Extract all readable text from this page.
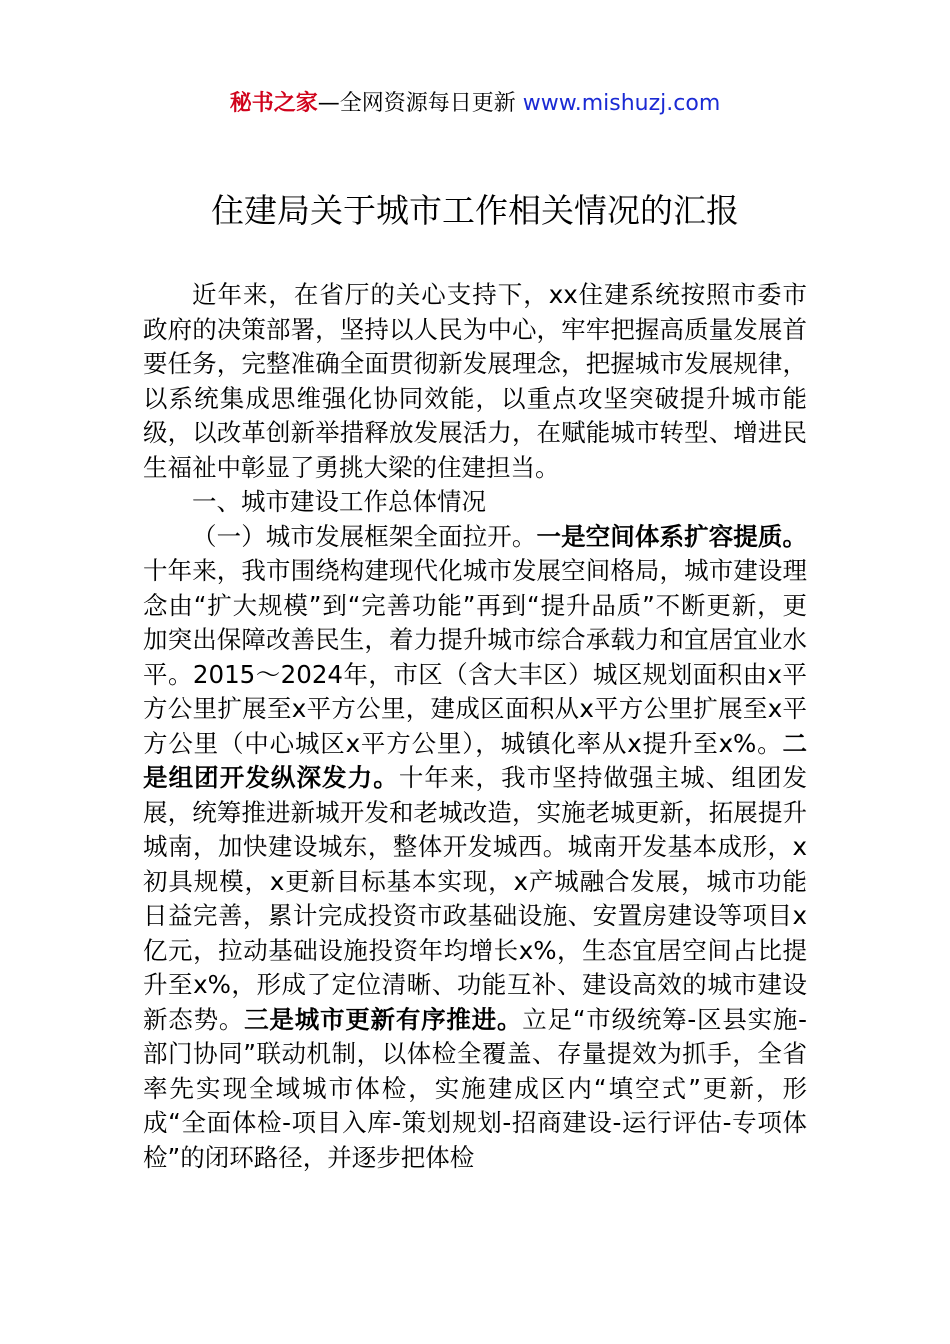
秘书之家—全网资源每日更新 www.mishuzj.com
住建局关于城市工作相关情况的汇报

近年来，在省厅的关心支持下，xx住建系统按照市委市政府的决策部署，坚持以人民为中心，牢牢把握高质量发展首要任务，完整准确全面贯彻新发展理念，把握城市发展规律，以系统集成思维强化协同效能，以重点攻坚突破提升城市能级，以改革创新举措释放发展活力，在赋能城市转型、增进民生福祉中彰显了勇挑大梁的住建担当。

一、城市建设工作总体情况

（一）城市发展框架全面拉开。一是空间体系扩容提质。十年来，我市围绕构建现代化城市发展空间格局，城市建设理念由“扩大规模”到“完善功能”再到“提升品质”不断更新，更加突出保障改善民生，着力提升城市综合承载力和宜居宜业水平。2015～2024年，市区（含大丰区）城区规划面积由x平方公里扩展至x平方公里，建成区面积从x平方公里扩展至x平方公里（中心城区x平方公里），城镇化率从x提升至x%。二是组团开发纵深发力。十年来，我市坚持做强主城、组团发展，统筹推进新城开发和老城改造，实施老城更新，拓展提升城南，加快建设城东，整体开发城西。城南开发基本成形，x初具规模，x更新目标基本实现，x产城融合发展，城市功能日益完善，累计完成投资市政基础设施、安置房建设等项目x亿元，拉动基础设施投资年均增长x%，生态宜居空间占比提升至x%，形成了定位清晰、功能互补、建设高效的城市建设新态势。三是城市更新有序推进。立足“市级统筹-区县实施-部门协同”联动机制，以体检全覆盖、存量提效为抓手，全省率先实现全域城市体检，实施建成区内“填空式”更新，形成“全面体检-项目入库-策划规划-招商建设-运行评估-专项体检”的闭环路径，并逐步把体检
